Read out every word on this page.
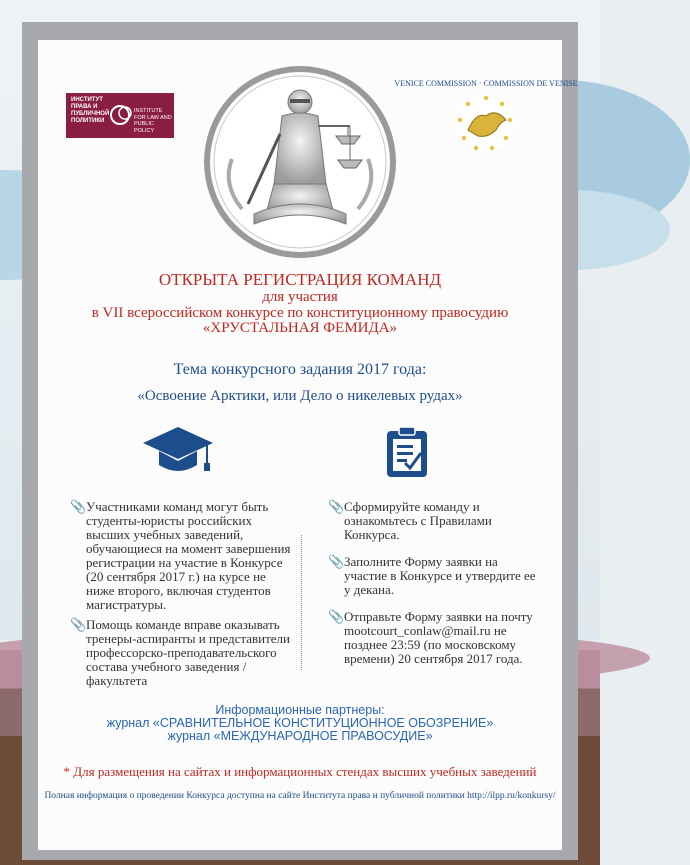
ИНСТИТУТ ПРАВА И ПУБЛИЧНОЙ ПОЛИТИКИ
INSTITUTE FOR LAW AND PUBLIC POLICY
VENICE COMMISSION · COMMISSION DE VENISE
ОТКРЫТА РЕГИСТРАЦИЯ КОМАНД
для участия
в VII всероссийском конкурсе по конституционному правосудию
«ХРУСТАЛЬНАЯ ФЕМИДА»
Тема конкурсного задания 2017 года:
«Освоение Арктики, или Дело о никелевых рудах»
📎 Участниками команд могут быть студенты-юристы российских высших учебных заведений, обучающиеся на момент завершения регистрации на участие в Конкурсе (20 сентября 2017 г.) на курсе не ниже второго, включая студентов магистратуры.
📎 Помощь команде вправе оказывать тренеры-аспиранты и представители профессорско-преподавательского состава учебного заведения / факультета
📎 Сформируйте команду и ознакомьтесь с Правилами Конкурса.
📎 Заполните Форму заявки на участие в Конкурсе и утвердите ее у декана.
📎 Отправьте Форму заявки на почту mootcourt_conlaw@mail.ru не позднее 23:59 (по московскому времени) 20 сентября 2017 года.
Информационные партнеры:
журнал «СРАВНИТЕЛЬНОЕ КОНСТИТУЦИОННОЕ ОБОЗРЕНИЕ»
журнал «МЕЖДУНАРОДНОЕ ПРАВОСУДИЕ»
* Для размещения на сайтах и информационных стендах высших учебных заведений
Полная информация о проведении Конкурса доступна на сайте Института права и публичной политики http://ilpp.ru/konkursy/
